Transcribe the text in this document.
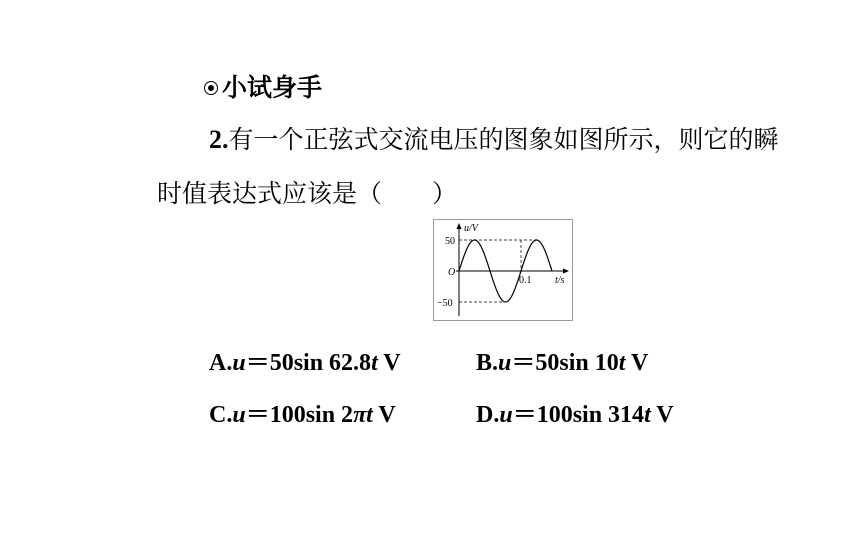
小试身手
2.有一个正弦式交流电压的图象如图所示，则它的瞬
时值表达式应该是（　　）
u/V
50
O
−50
0.1 t/s
A.u＝50sin 62.8t V	B.u＝50sin 10t V
C.u＝100sin 2πt V	D.u＝100sin 314t V
